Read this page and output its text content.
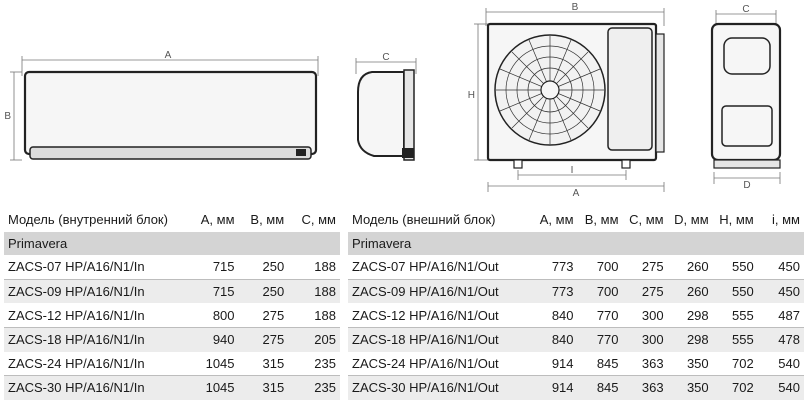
A
B
C
B
H
I
A
C
D
Модель (внутренний блок)	A, мм	B, мм	C, мм
Primavera			
ZACS-07 HP/A16/N1/In	715	250	188
ZACS-09 HP/A16/N1/In	715	250	188
ZACS-12 HP/A16/N1/In	800	275	188
ZACS-18 HP/A16/N1/In	940	275	205
ZACS-24 HP/A16/N1/In	1045	315	235
ZACS-30 HP/A16/N1/In	1045	315	235
Модель (внешний блок)	A, мм	B, мм	C, мм	D, мм	H, мм	i, мм
Primavera						
ZACS-07 HP/A16/N1/Out	773	700	275	260	550	450
ZACS-09 HP/A16/N1/Out	773	700	275	260	550	450
ZACS-12 HP/A16/N1/Out	840	770	300	298	555	487
ZACS-18 HP/A16/N1/Out	840	770	300	298	555	478
ZACS-24 HP/A16/N1/Out	914	845	363	350	702	540
ZACS-30 HP/A16/N1/Out	914	845	363	350	702	540
